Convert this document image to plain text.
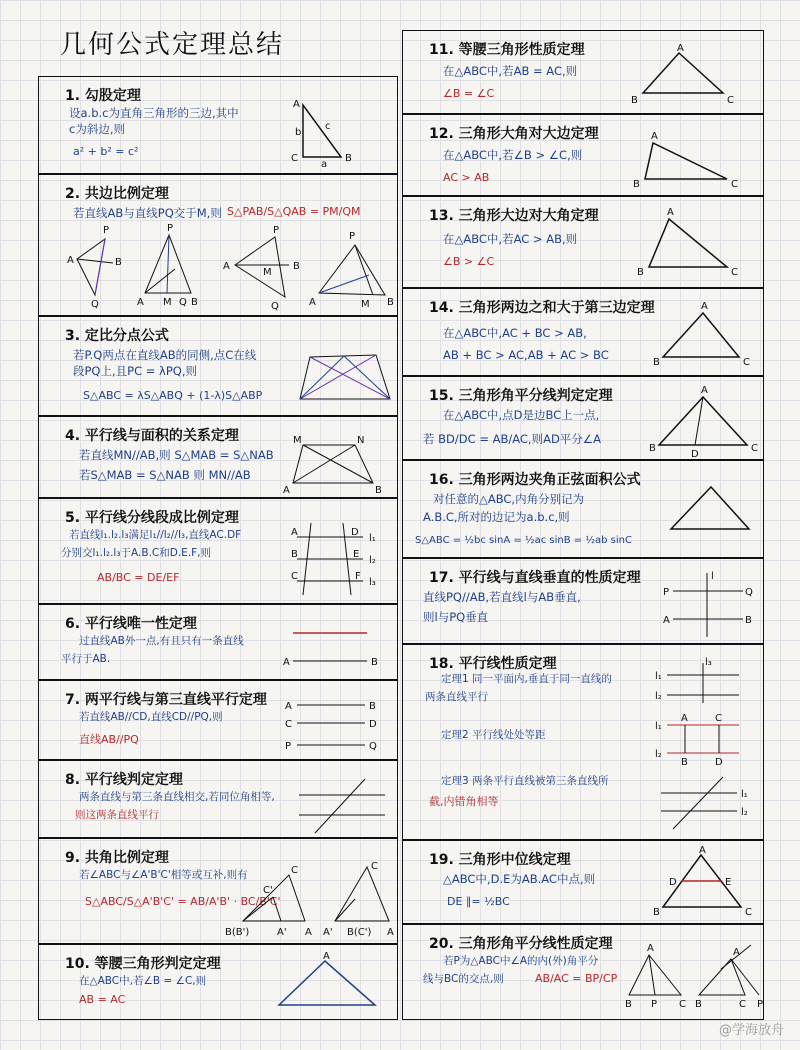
几何公式定理总结
1. 勾股定理
设a.b.c为直角三角形的三边,其中
c为斜边,则
a² + b² = c²
A
C	B
b
a
c
2. 共边比例定理
若直线AB与直线PQ交于M,则 S△PAB/S△QAB = PM/QM
A
P
B
Q
P
A M Q B
A
P
M
Q
B
A
P
M B
3. 定比分点公式
若P.Q两点在直线AB的同侧,点C在线
段PQ上,且PC = λPQ,则
S△ABC = λS△ABQ + (1-λ)S△ABP
4. 平行线与面积的关系定理
若直线MN//AB,则 S△MAB = S△NAB
若S△MAB = S△NAB 则 MN//AB
M	N
A	B
5. 平行线分线段成比例定理
若直线l₁.l₂.l₃满足l₁//l₂//l₃,直线AC.DF
分别交l₁.l₂.l₃于A.B.C和D.E.F,则
AB/BC = DE/EF
A
B
C
D
E
F
l₁
l₂
l₃
6. 平行线唯一性定理
过直线AB外一点,有且只有一条直线
平行于AB.	A	B
7. 两平行线与第三直线平行定理
若直线AB//CD,直线CD//PQ,则
直线AB//PQ
A	B
C	D
P	Q
8. 平行线判定定理
两条直线与第三条直线相交,若同位角相等,
则这两条直线平行
9. 共角比例定理
若∠ABC与∠A'B'C'相等或互补,则有
S△ABC/S△A'B'C' = AB/A'B' · BC/B'C'
B(B')	A' A
C'
C
A' B(C') A
C
10. 等腰三角形判定定理
在△ABC中,若∠B = ∠C,则
AB = AC
A
11. 等腰三角形性质定理
在△ABC中,若AB = AC,则
∠B = ∠C
A
B	C
12. 三角形大角对大边定理
在△ABC中,若∠B > ∠C,则
AC > AB
A
B	C
13. 三角形大边对大角定理
在△ABC中,若AC > AB,则
∠B > ∠C
A
B	C
14. 三角形两边之和大于第三边定理
在△ABC中,AC + BC > AB,
AB + BC > AC,AB + AC > BC
A
B	C
15. 三角形角平分线判定定理
在△ABC中,点D是边BC上一点,
若 BD/DC = AB/AC,则AD平分∠A
A
B
D
C
16. 三角形两边夹角正弦面积公式
对任意的△ABC,内角分别记为
A.B.C,所对的边记为a.b.c,则
S△ABC = ½bc sinA = ½ac sinB = ½ab sinC
17. 平行线与直线垂直的性质定理
直线PQ//AB,若直线l与AB垂直,
则l与PQ垂直
P	Q
A	B
l
18. 平行线性质定理
定理1 同一平面内,垂直于同一直线的
两条直线平行
定理2 平行线处处等距
定理3 两条平行直线被第三条直线所
截,内错角相等
l₁
l₂
l₃
l₁
l₂
A	C
B	D
l₁
l₂
19. 三角形中位线定理
△ABC中,D.E为AB.AC中点,则
DE ∥= ½BC
A
D	E
B	C
20. 三角形角平分线性质定理
若P为△ABC中∠A的内(外)角平分
线与BC的交点,则	AB/AC = BP/CP
A
B P C
A
B	C P
@学海放舟
